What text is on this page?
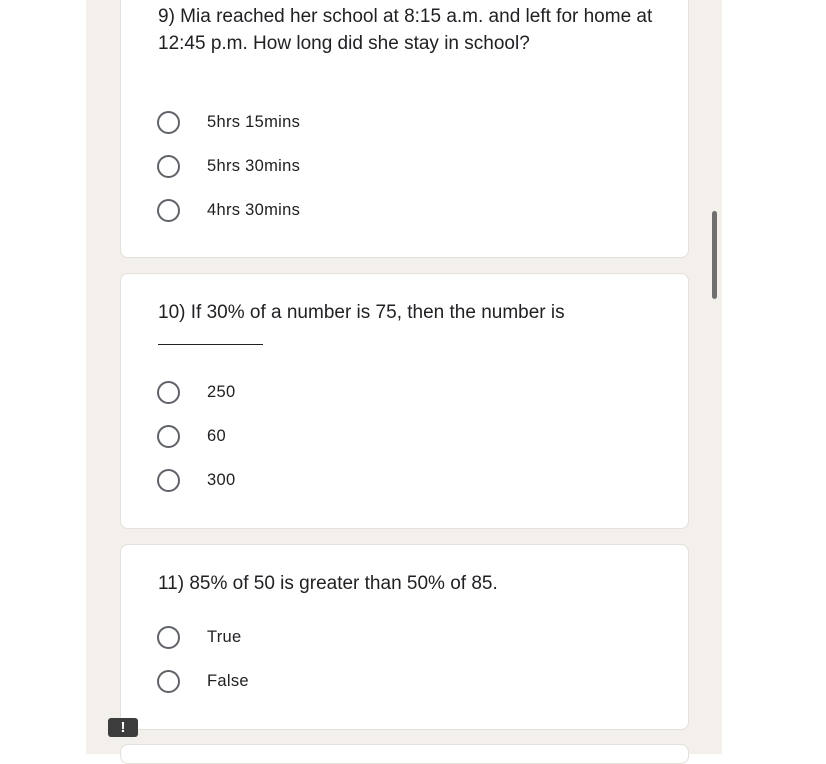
9) Mia reached her school at 8:15 a.m. and left for home at 12:45 p.m. How long did she stay in school?

5hrs 15mins
5hrs 30mins
4hrs 30mins

10) If 30% of a number is 75, then the number is

250
60
300

11) 85% of 50 is greater than 50% of 85.

True
False
!
